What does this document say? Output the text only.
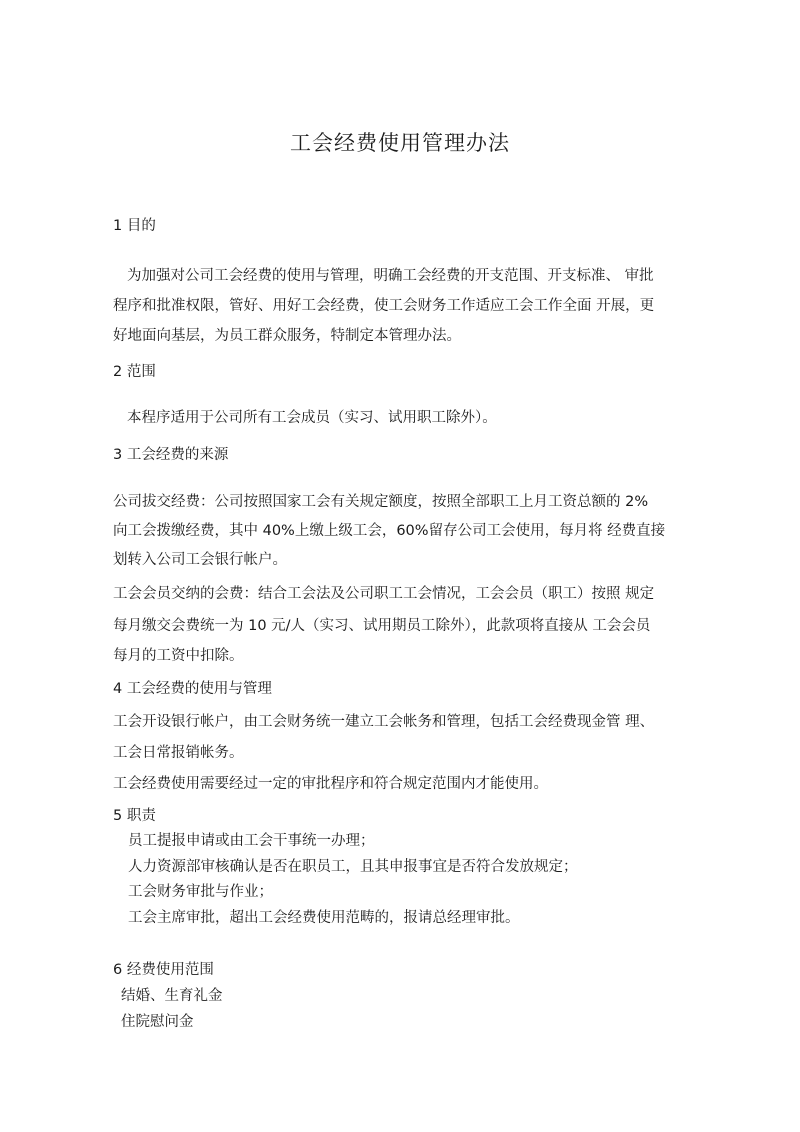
工会经费使用管理办法
1 目的
为加强对公司工会经费的使用与管理，明确工会经费的开支范围、开支标准、 审批
程序和批准权限，管好、用好工会经费，使工会财务工作适应工会工作全面 开展，更
好地面向基层，为员工群众服务，特制定本管理办法。
2 范围
本程序适用于公司所有工会成员（实习、试用职工除外）。
3 工会经费的来源
公司拔交经费：公司按照国家工会有关规定额度，按照全部职工上月工资总额的 2%
向工会拨缴经费，其中 40%上缴上级工会，60%留存公司工会使用，每月将 经费直接
划转入公司工会银行帐户。
工会会员交纳的会费：结合工会法及公司职工工会情况，工会会员（职工）按照 规定
每月缴交会费统一为 10 元/人（实习、试用期员工除外），此款项将直接从 工会会员
每月的工资中扣除。
4 工会经费的使用与管理
工会开设银行帐户，由工会财务统一建立工会帐务和管理，包括工会经费现金管 理、
工会日常报销帐务。
工会经费使用需要经过一定的审批程序和符合规定范围内才能使用。
5 职责
员工提报申请或由工会干事统一办理；
人力资源部审核确认是否在职员工，且其申报事宜是否符合发放规定；
工会财务审批与作业；
工会主席审批，超出工会经费使用范畴的，报请总经理审批。
6 经费使用范围
结婚、生育礼金
住院慰问金
